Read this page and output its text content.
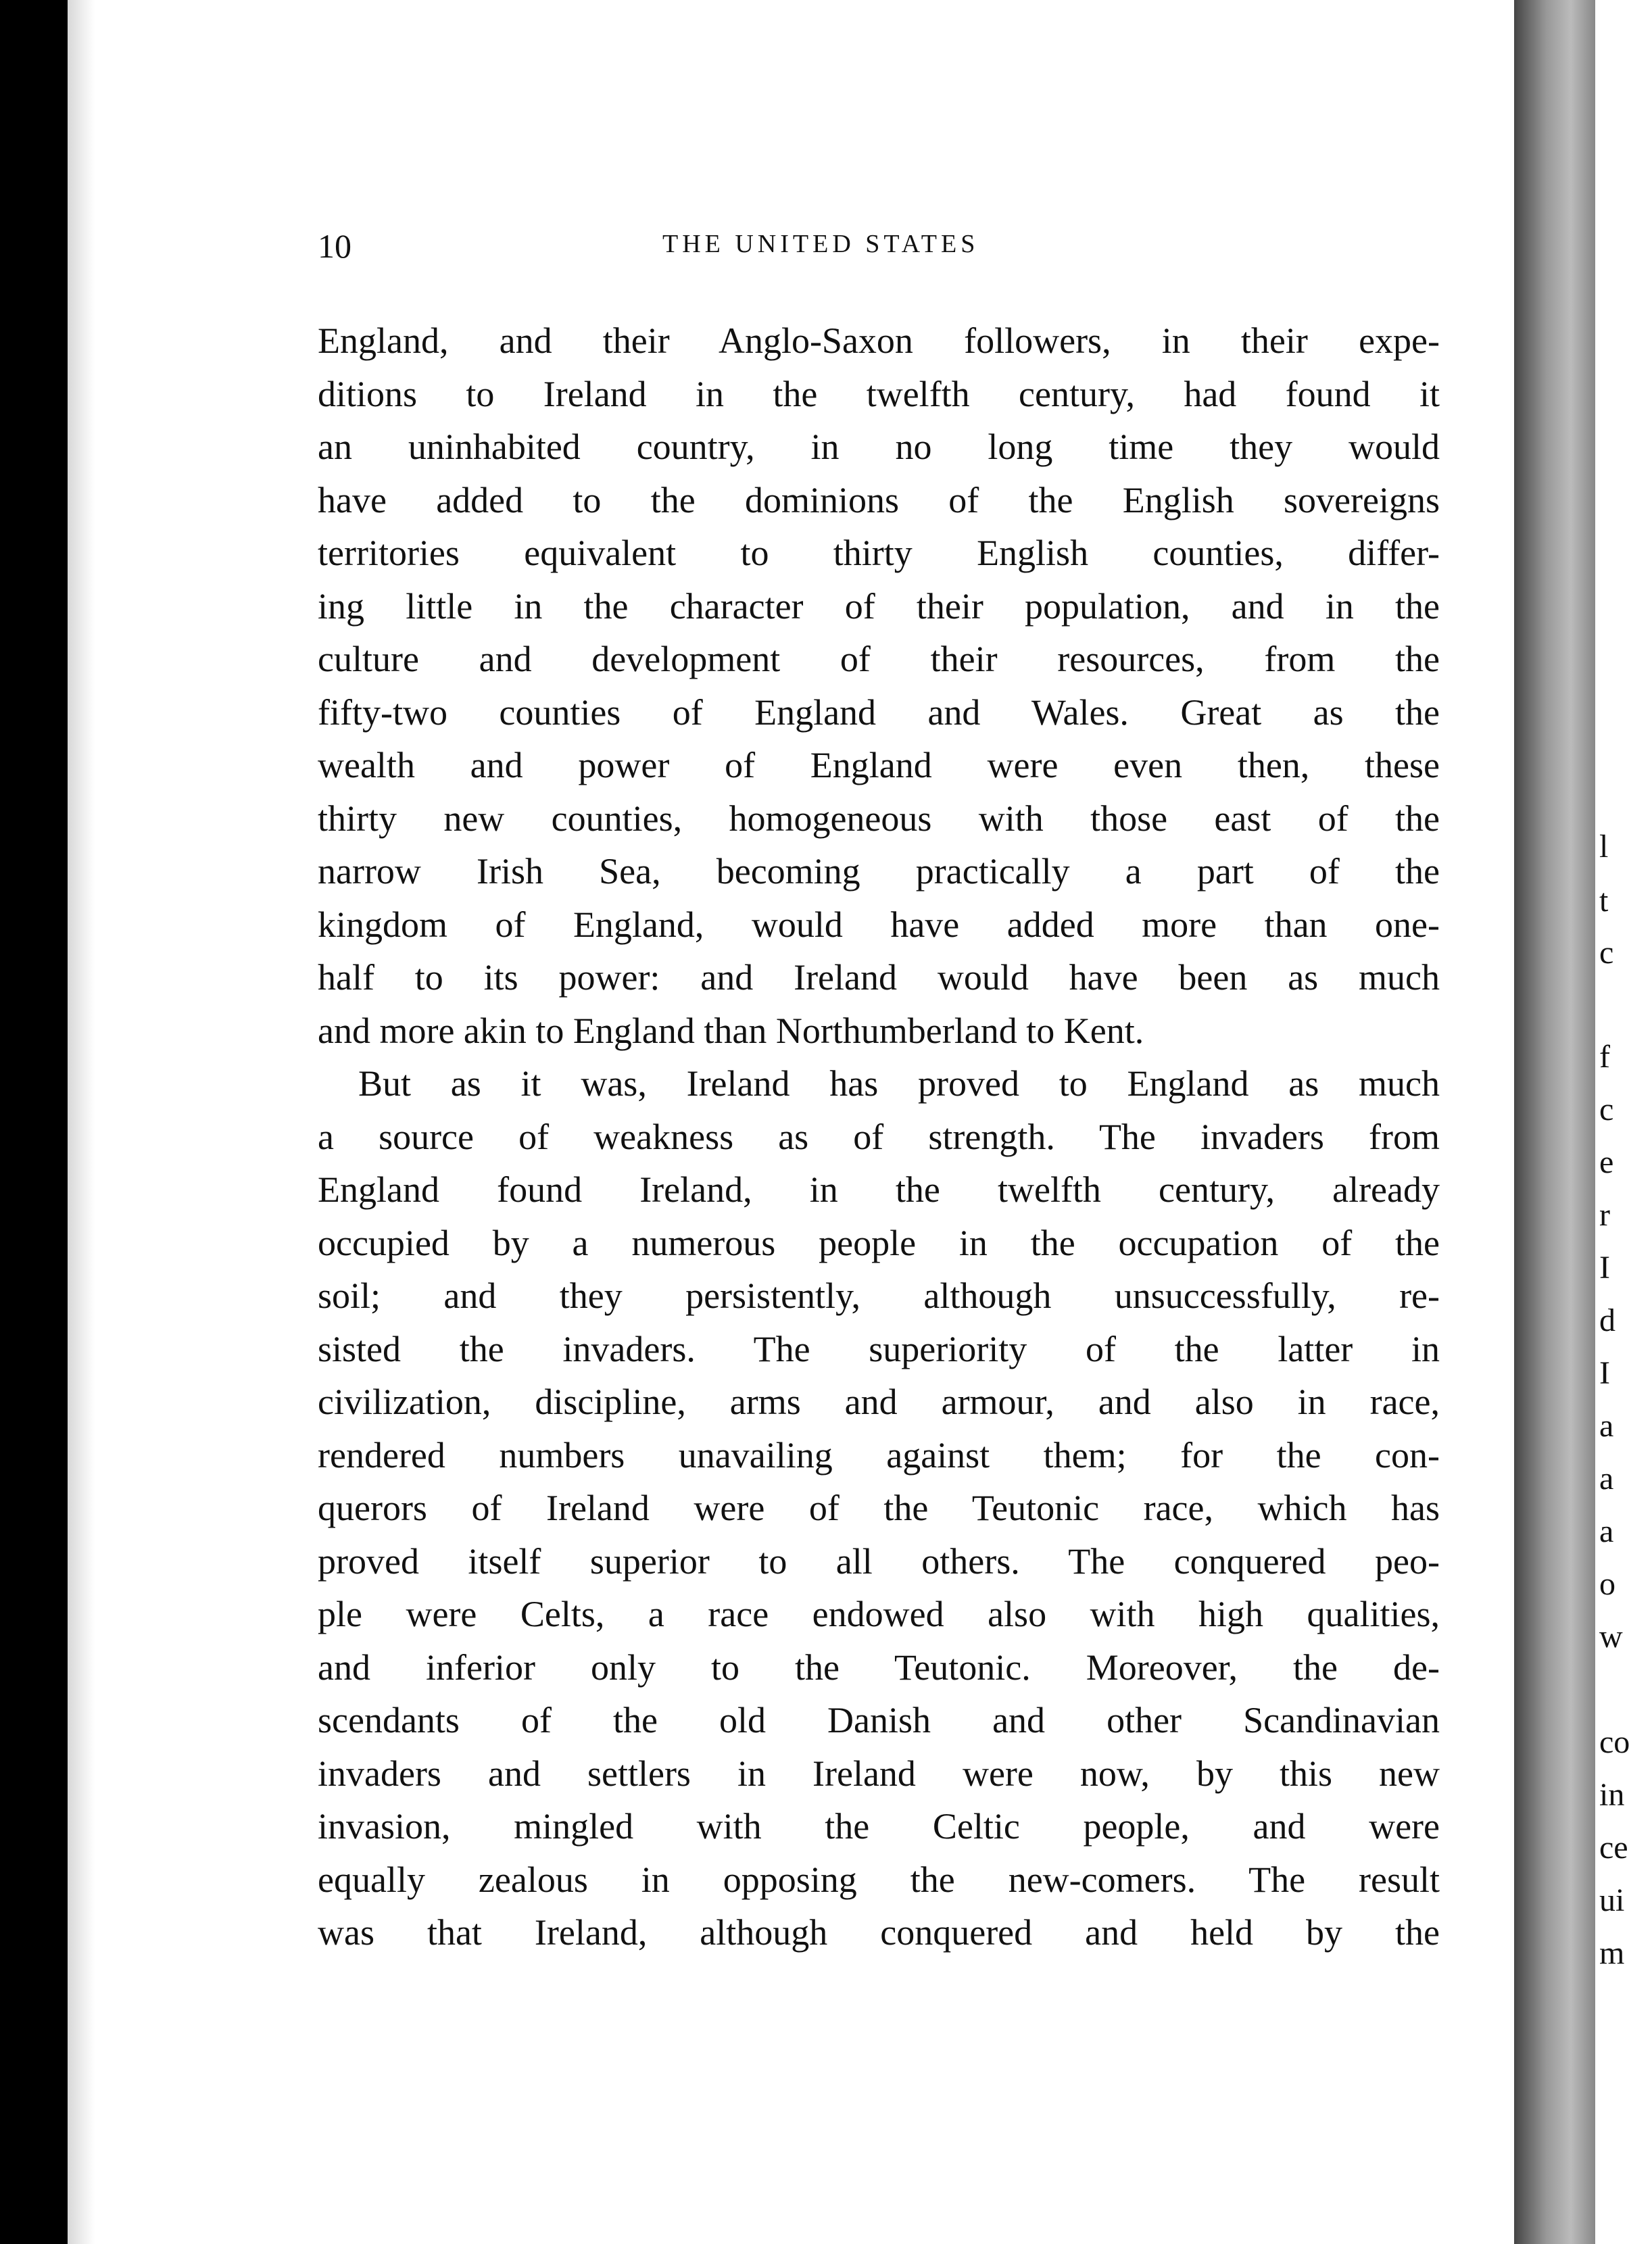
10	THE UNITED STATES
England, and their Anglo-Saxon followers, in their expe-
ditions to Ireland in the twelfth century, had found it
an uninhabited country, in no long time they would
have added to the dominions of the English sovereigns
territories equivalent to thirty English counties, differ-
ing little in the character of their population, and in the
culture and development of their resources, from the
fifty-two counties of England and Wales. Great as the
wealth and power of England were even then, these
thirty new counties, homogeneous with those east of the
narrow Irish Sea, becoming practically a part of the
kingdom of England, would have added more than one-
half to its power: and Ireland would have been as much
and more akin to England than Northumberland to Kent.
But as it was, Ireland has proved to England as much
a source of weakness as of strength. The invaders from
England found Ireland, in the twelfth century, already
occupied by a numerous people in the occupation of the
soil; and they persistently, although unsuccessfully, re-
sisted the invaders. The superiority of the latter in
civilization, discipline, arms and armour, and also in race,
rendered numbers unavailing against them; for the con-
querors of Ireland were of the Teutonic race, which has
proved itself superior to all others. The conquered peo-
ple were Celts, a race endowed also with high qualities,
and inferior only to the Teutonic. Moreover, the de-
scendants of the old Danish and other Scandinavian
invaders and settlers in Ireland were now, by this new
invasion, mingled with the Celtic people, and were
equally zealous in opposing the new-comers. The result
was that Ireland, although conquered and held by the
l
t
c
f
c
e
r
I
d
I
a
a
a
o
w
co
in
ce
ui
m
